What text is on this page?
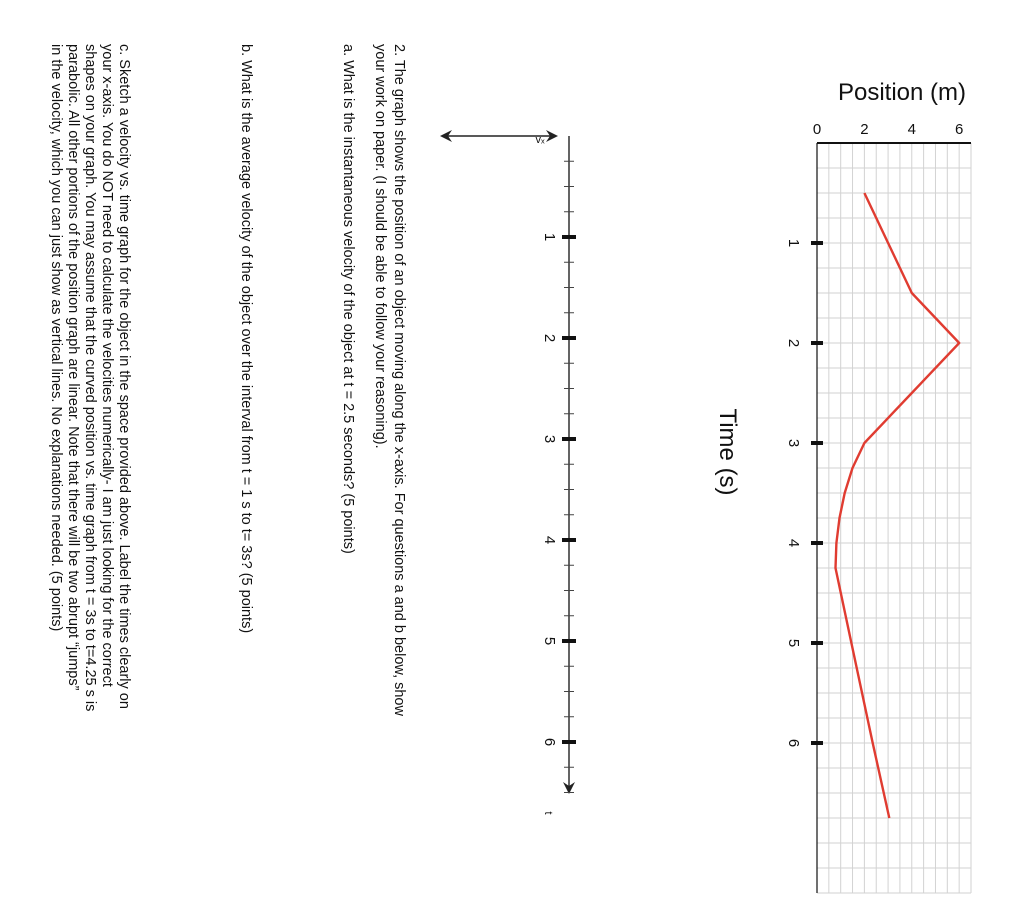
1
2
3
4
5
6
0	2	4	6
Position (m)
Time (s)
vₓ
t
1
2
3
4
5
6
2. The graph shows the position of an object moving along the x-axis. For questions a and b below, show
your work on paper. (I should be able to follow your reasoning).
a. What is the instantaneous velocity of the object at t = 2.5 seconds? (5 points)
b. What is the average velocity of the object over the interval from t = 1 s to t= 3s? (5 points)
c. Sketch a velocity vs. time graph for the object in the space provided above. Label the times clearly on
your x-axis. You do NOT need to calculate the velocities numerically- I am just looking for the correct
shapes on your graph. You may assume that the curved position vs. time graph from t = 3s to t=4.25 s is
parabolic. All other portions of the position graph are linear. Note that there will be two abrupt “jumps”
in the velocity, which you can just show as vertical lines. No explanations needed. (5 points)
